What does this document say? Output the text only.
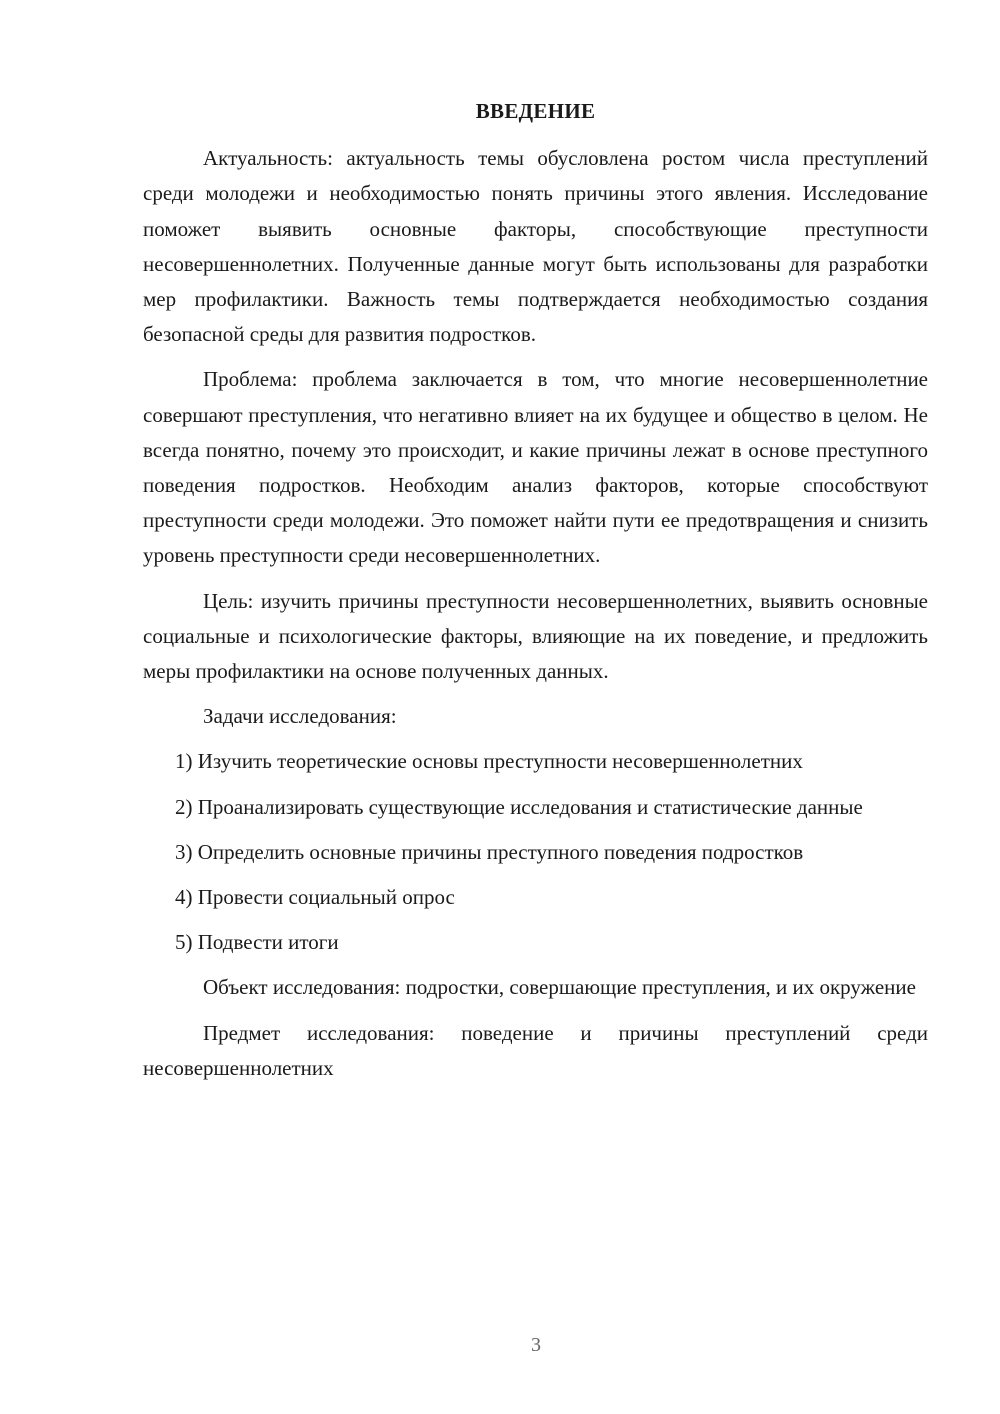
ВВЕДЕНИЕ

Актуальность: актуальность темы обусловлена ростом числа преступлений среди молодежи и необходимостью понять причины этого явления. Исследование поможет выявить основные факторы, способствующие преступности несовершеннолетних. Полученные данные могут быть использованы для разработки мер профилактики. Важность темы подтверждается необходимостью создания безопасной среды для развития подростков.

Проблема: проблема заключается в том, что многие несовершеннолетние совершают преступления, что негативно влияет на их будущее и общество в целом. Не всегда понятно, почему это происходит, и какие причины лежат в основе преступного поведения подростков. Необходим анализ факторов, которые способствуют преступности среди молодежи. Это поможет найти пути ее предотвращения и снизить уровень преступности среди несовершеннолетних.

Цель: изучить причины преступности несовершеннолетних, выявить основные социальные и психологические факторы, влияющие на их поведение, и предложить меры профилактики на основе полученных данных.

Задачи исследования:

1) Изучить теоретические основы преступности несовершеннолетних

2) Проанализировать существующие исследования и статистические данные

3) Определить основные причины преступного поведения подростков

4) Провести социальный опрос

5) Подвести итоги

Объект исследования: подростки, совершающие преступления, и их окружение

Предмет исследования: поведение и причины преступлений среди несовершеннолетних

3
